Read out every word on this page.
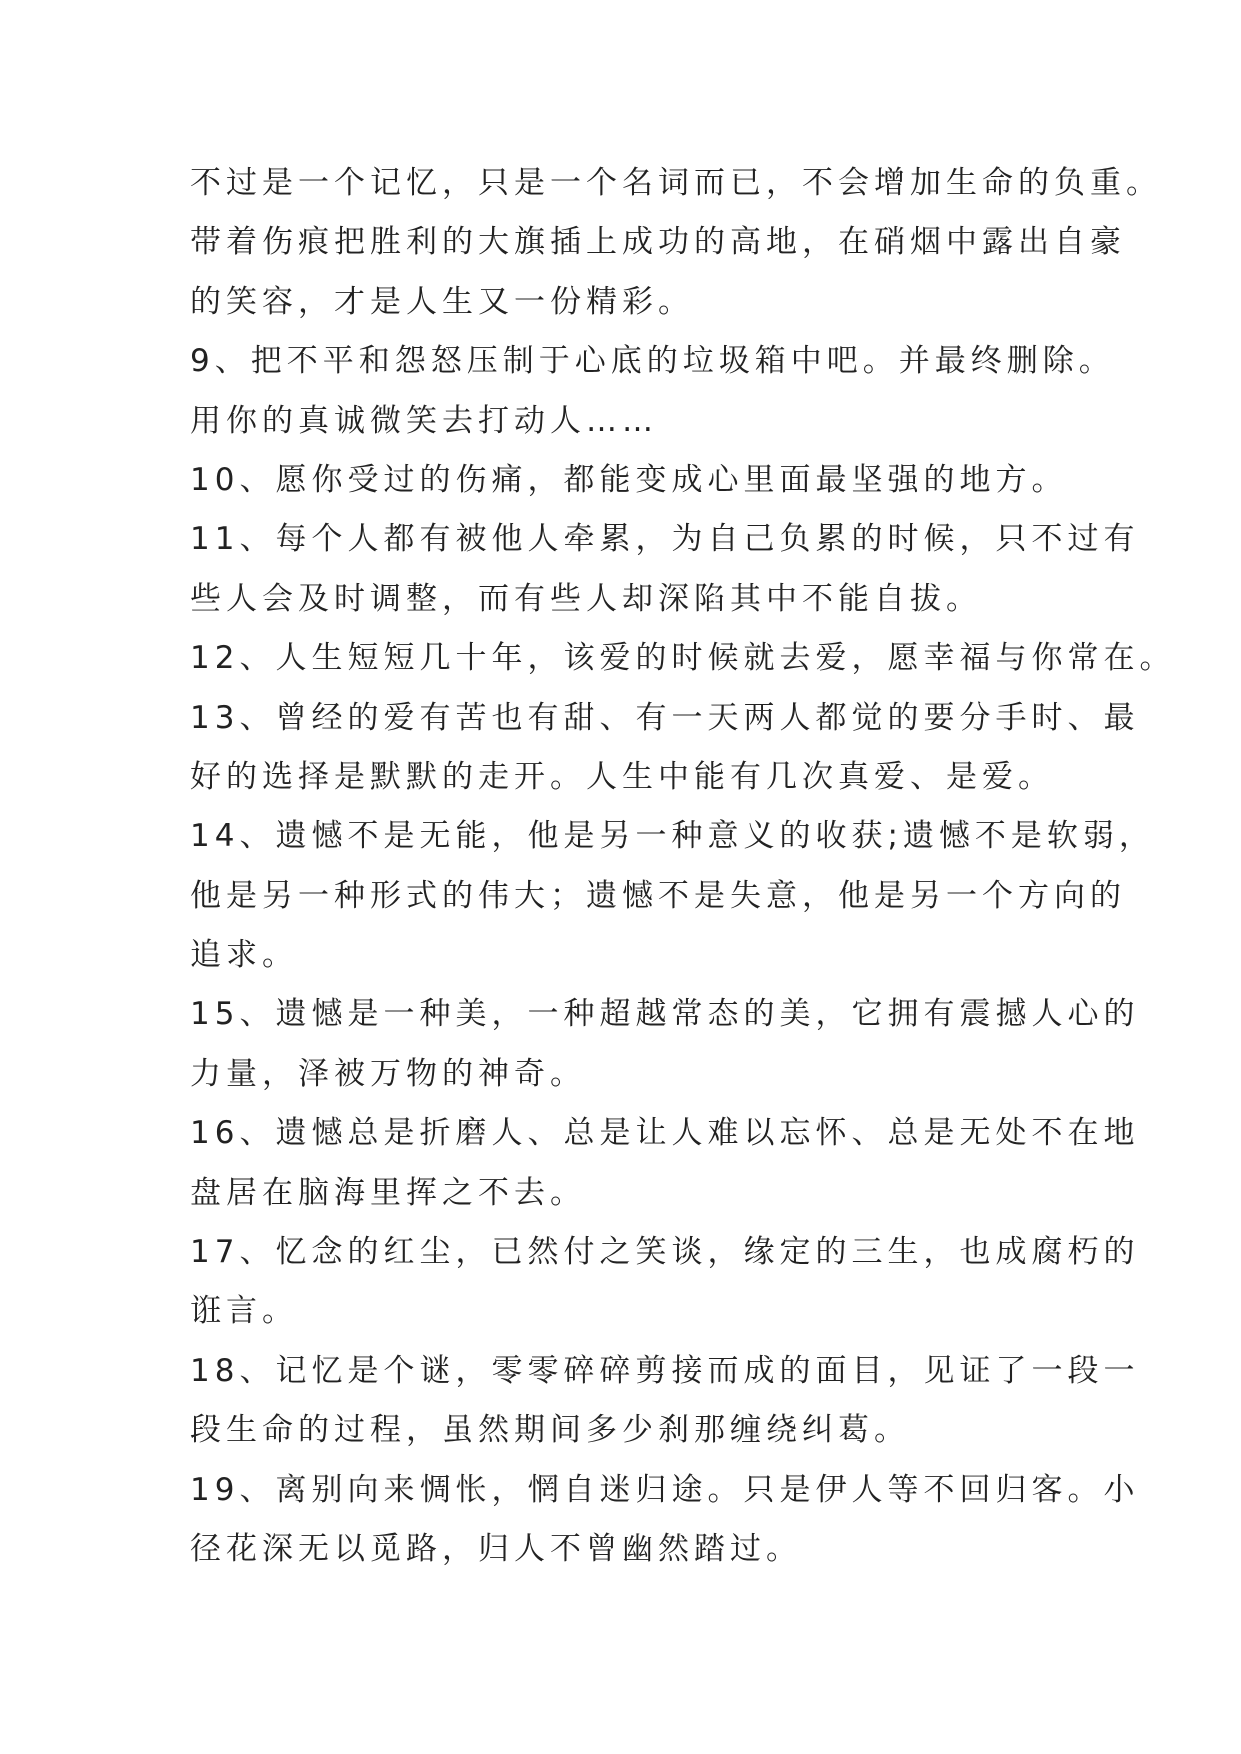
不过是一个记忆，只是一个名词而已，不会增加生命的负重。
带着伤痕把胜利的大旗插上成功的高地，在硝烟中露出自豪
的笑容，才是人生又一份精彩。
9、把不平和怨怒压制于心底的垃圾箱中吧。并最终删除。
用你的真诚微笑去打动人……
10、愿你受过的伤痛，都能变成心里面最坚强的地方。
11、每个人都有被他人牵累，为自己负累的时候，只不过有
些人会及时调整，而有些人却深陷其中不能自拔。
12、人生短短几十年，该爱的时候就去爱，愿幸福与你常在。
13、曾经的爱有苦也有甜、有一天两人都觉的要分手时、最
好的选择是默默的走开。人生中能有几次真爱、是爱。
14、遗憾不是无能，他是另一种意义的收获;遗憾不是软弱，
他是另一种形式的伟大；遗憾不是失意，他是另一个方向的
追求。
15、遗憾是一种美，一种超越常态的美，它拥有震撼人心的
力量，泽被万物的神奇。
16、遗憾总是折磨人、总是让人难以忘怀、总是无处不在地
盘居在脑海里挥之不去。
17、忆念的红尘，已然付之笑谈，缘定的三生，也成腐朽的
诳言。
18、记忆是个谜，零零碎碎剪接而成的面目，见证了一段一
段生命的过程，虽然期间多少刹那缠绕纠葛。
19、离别向来惆怅，惘自迷归途。只是伊人等不回归客。小
径花深无以觅路，归人不曾幽然踏过。
